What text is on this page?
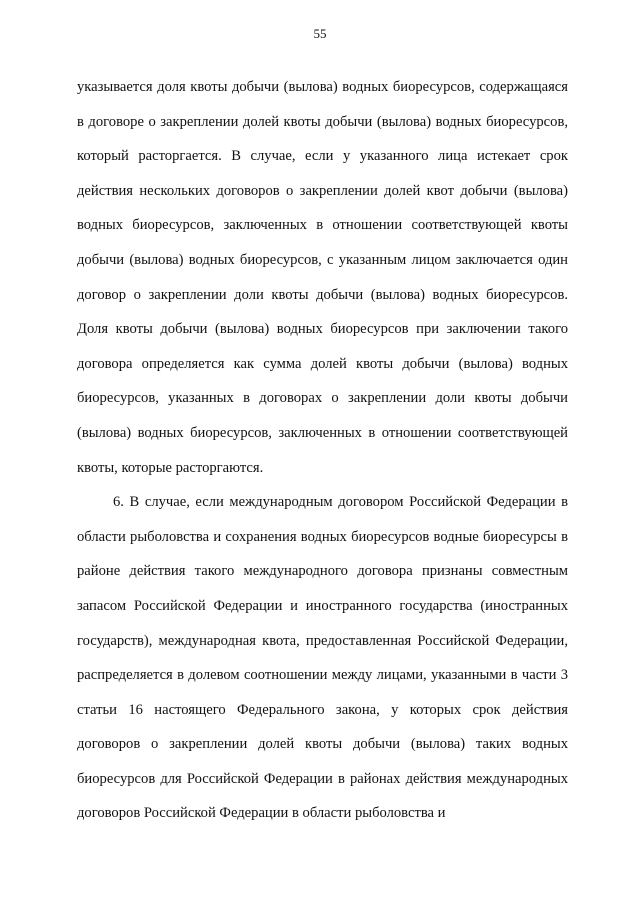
55

указывается доля квоты добычи (вылова) водных биоресурсов, содержащаяся в договоре о закреплении долей квоты добычи (вылова) водных биоресурсов, который расторгается. В случае, если у указанного лица истекает срок действия нескольких договоров о закреплении долей квот добычи (вылова) водных биоресурсов, заключенных в отношении соответствующей квоты добычи (вылова) водных биоресурсов, с указанным лицом заключается один договор о закреплении доли квоты добычи (вылова) водных биоресурсов. Доля квоты добычи (вылова) водных биоресурсов при заключении такого договора определяется как сумма долей квоты добычи (вылова) водных биоресурсов, указанных в договорах о закреплении доли квоты добычи (вылова) водных биоресурсов, заключенных в отношении соответствующей квоты, которые расторгаются.

6. В случае, если международным договором Российской Федерации в области рыболовства и сохранения водных биоресурсов водные биоресурсы в районе действия такого международного договора признаны совместным запасом Российской Федерации и иностранного государства (иностранных государств), международная квота, предоставленная Российской Федерации, распределяется в долевом соотношении между лицами, указанными в части 3 статьи 16 настоящего Федерального закона, у которых срок действия договоров о закреплении долей квоты добычи (вылова) таких водных биоресурсов для Российской Федерации в районах действия международных договоров Российской Федерации в области рыболовства и
